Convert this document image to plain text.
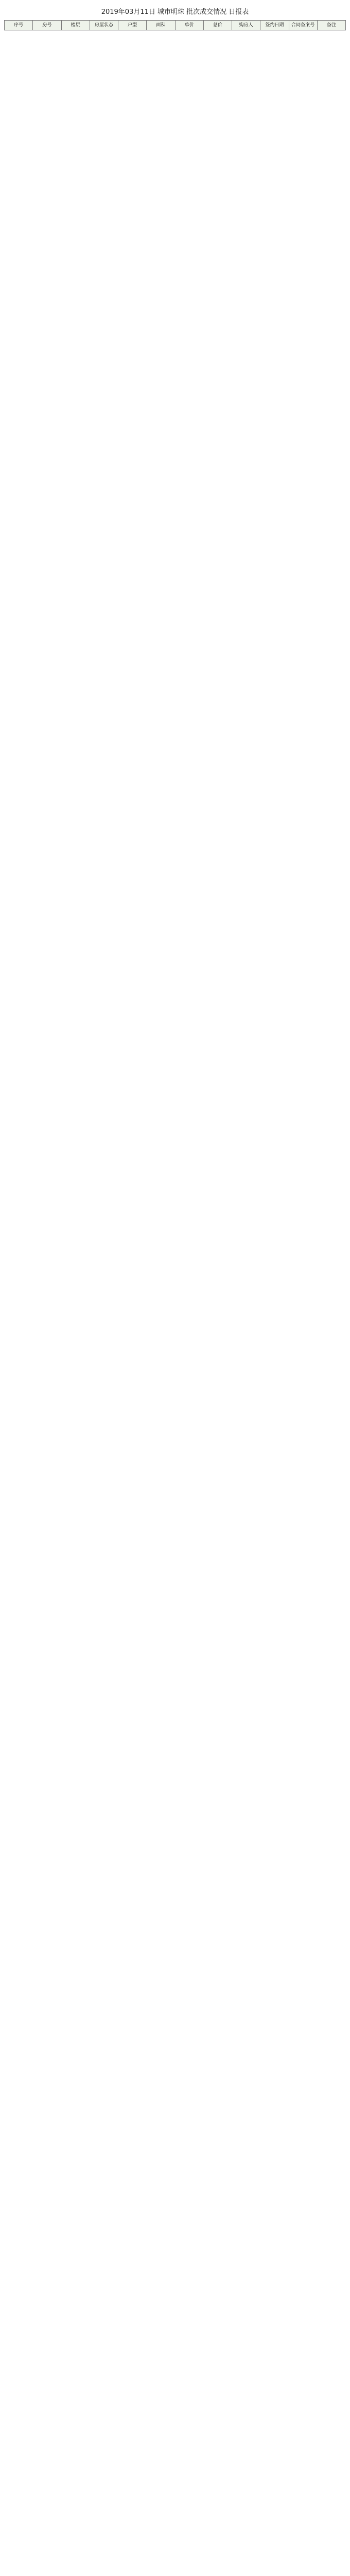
2019年03月11日 城市明珠 批次成交情况 日报表
序号	房号	楼层	房屋状态	户型	面积	单价	总价	购房人	签约日期	合同备案号	备注
